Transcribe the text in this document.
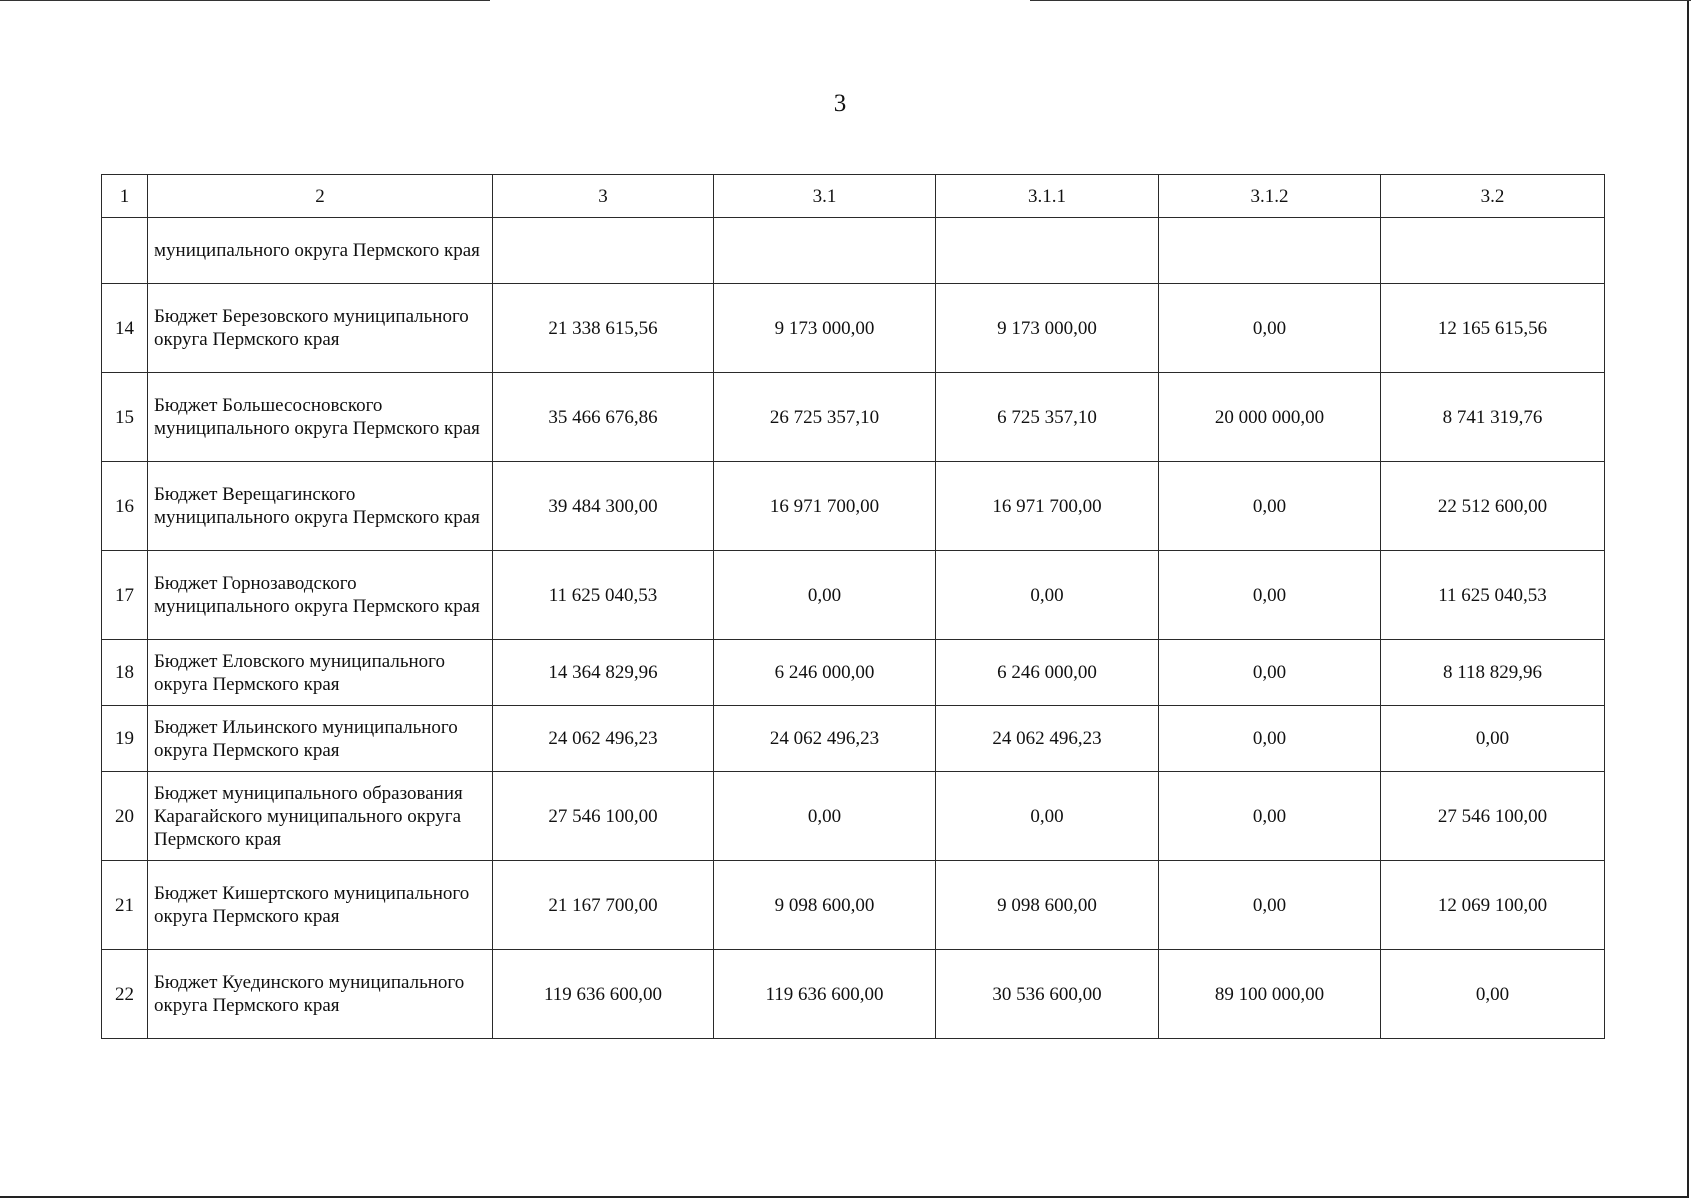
3
1	2	3	3.1	3.1.1	3.1.2	3.2
	муниципального округа Пермского края					
14	Бюджет Березовского муниципального округа Пермского края	21 338 615,56	9 173 000,00	9 173 000,00	0,00	12 165 615,56
15	Бюджет Большесосновского муниципального округа Пермского края	35 466 676,86	26 725 357,10	6 725 357,10	20 000 000,00	8 741 319,76
16	Бюджет Верещагинского муниципального округа Пермского края	39 484 300,00	16 971 700,00	16 971 700,00	0,00	22 512 600,00
17	Бюджет Горнозаводского муниципального округа Пермского края	11 625 040,53	0,00	0,00	0,00	11 625 040,53
18	Бюджет Еловского муниципального округа Пермского края	14 364 829,96	6 246 000,00	6 246 000,00	0,00	8 118 829,96
19	Бюджет Ильинского муниципального округа Пермского края	24 062 496,23	24 062 496,23	24 062 496,23	0,00	0,00
20	Бюджет муниципального образования Карагайского муниципального округа Пермского края	27 546 100,00	0,00	0,00	0,00	27 546 100,00
21	Бюджет Кишертского муниципального округа Пермского края	21 167 700,00	9 098 600,00	9 098 600,00	0,00	12 069 100,00
22	Бюджет Куединского муниципального округа Пермского края	119 636 600,00	119 636 600,00	30 536 600,00	89 100 000,00	0,00
